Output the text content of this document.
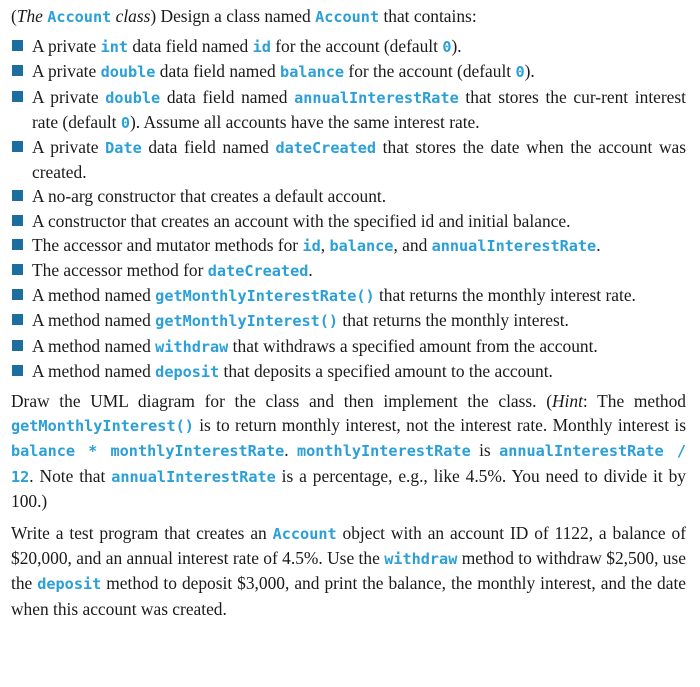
(The Account class) Design a class named Account that contains:

A private int data field named id for the account (default 0).
A private double data field named balance for the account (default 0).
A private double data field named annualInterestRate that stores the cur-rent interest rate (default 0). Assume all accounts have the same interest rate.
A private Date data field named dateCreated that stores the date when the account was created.
A no-arg constructor that creates a default account.
A constructor that creates an account with the specified id and initial balance.
The accessor and mutator methods for id, balance, and annualInterestRate.
The accessor method for dateCreated.
A method named getMonthlyInterestRate() that returns the monthly interest rate.
A method named getMonthlyInterest() that returns the monthly interest.
A method named withdraw that withdraws a specified amount from the account.
A method named deposit that deposits a specified amount to the account.

Draw the UML diagram for the class and then implement the class. (Hint: The method getMonthlyInterest() is to return monthly interest, not the interest rate. Monthly interest is balance * monthlyInterestRate. monthlyInterestRate is annualInterestRate / 12. Note that annualInterestRate is a percentage, e.g., like 4.5%. You need to divide it by 100.)

Write a test program that creates an Account object with an account ID of 1122, a balance of $20,000, and an annual interest rate of 4.5%. Use the withdraw method to withdraw $2,500, use the deposit method to deposit $3,000, and print the balance, the monthly interest, and the date when this account was created.
